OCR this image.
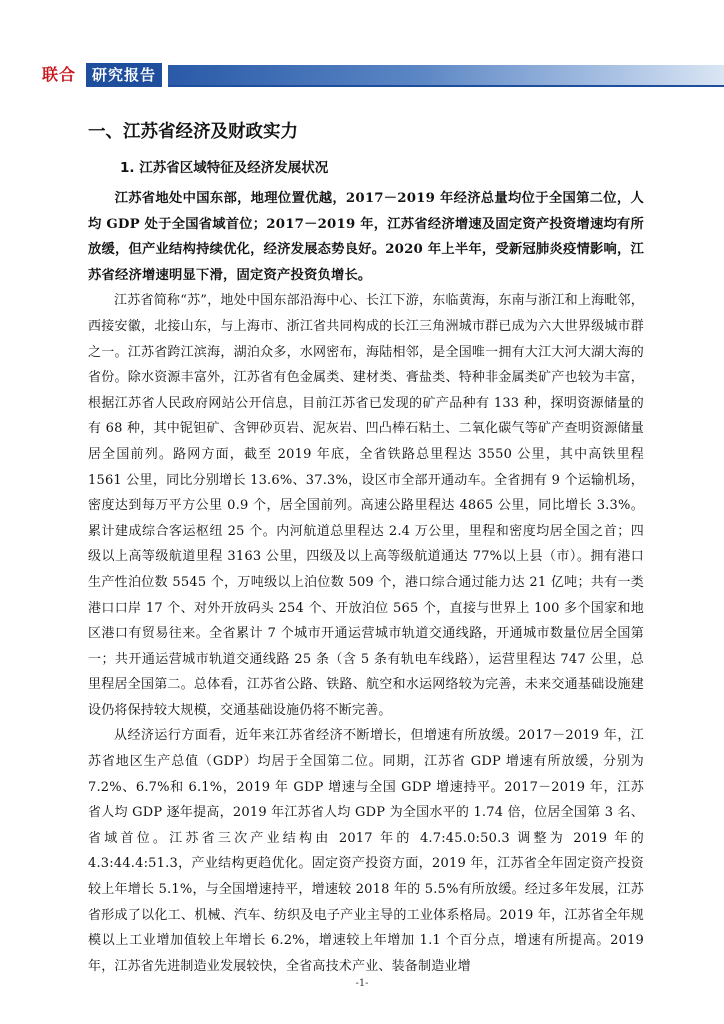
联合	研究报告
一、江苏省经济及财政实力
1. 江苏省区域特征及经济发展状况

江苏省地处中国东部，地理位置优越，2017－2019 年经济总量均位于全国第二位，人均 GDP 处于全国省域首位；2017－2019 年，江苏省经济增速及固定资产投资增速均有所放缓，但产业结构持续优化，经济发展态势良好。2020 年上半年，受新冠肺炎疫情影响，江苏省经济增速明显下滑，固定资产投资负增长。

江苏省简称“苏”，地处中国东部沿海中心、长江下游，东临黄海，东南与浙江和上海毗邻，西接安徽，北接山东，与上海市、浙江省共同构成的长江三角洲城市群已成为六大世界级城市群之一。江苏省跨江滨海，湖泊众多，水网密布，海陆相邻，是全国唯一拥有大江大河大湖大海的省份。除水资源丰富外，江苏省有色金属类、建材类、膏盐类、特种非金属类矿产也较为丰富，根据江苏省人民政府网站公开信息，目前江苏省已发现的矿产品种有 133 种，探明资源储量的有 68 种，其中铌钽矿、含钾砂页岩、泥灰岩、凹凸棒石粘土、二氧化碳气等矿产查明资源储量居全国前列。路网方面，截至 2019 年底，全省铁路总里程达 3550 公里，其中高铁里程 1561 公里，同比分别增长 13.6%、37.3%，设区市全部开通动车。全省拥有 9 个运输机场，密度达到每万平方公里 0.9 个，居全国前列。高速公路里程达 4865 公里，同比增长 3.3%。累计建成综合客运枢纽 25 个。内河航道总里程达 2.4 万公里，里程和密度均居全国之首；四级以上高等级航道里程 3163 公里，四级及以上高等级航道通达 77%以上县（市）。拥有港口生产性泊位数 5545 个，万吨级以上泊位数 509 个，港口综合通过能力达 21 亿吨；共有一类港口口岸 17 个、对外开放码头 254 个、开放泊位 565 个，直接与世界上 100 多个国家和地区港口有贸易往来。全省累计 7 个城市开通运营城市轨道交通线路，开通城市数量位居全国第一；共开通运营城市轨道交通线路 25 条（含 5 条有轨电车线路），运营里程达 747 公里，总里程居全国第二。总体看，江苏省公路、铁路、航空和水运网络较为完善，未来交通基础设施建设仍将保持较大规模，交通基础设施仍将不断完善。

从经济运行方面看，近年来江苏省经济不断增长，但增速有所放缓。2017－2019 年，江苏省地区生产总值（GDP）均居于全国第二位。同期，江苏省 GDP 增速有所放缓，分别为 7.2%、6.7%和 6.1%，2019 年 GDP 增速与全国 GDP 增速持平。2017－2019 年，江苏省人均 GDP 逐年提高，2019 年江苏省人均 GDP 为全国水平的 1.74 倍，位居全国第 3 名、省域首位。江苏省三次产业结构由 2017 年的 4.7:45.0:50.3 调整为 2019 年的 4.3:44.4:51.3，产业结构更趋优化。固定资产投资方面，2019 年，江苏省全年固定资产投资较上年增长 5.1%，与全国增速持平，增速较 2018 年的 5.5%有所放缓。经过多年发展，江苏省形成了以化工、机械、汽车、纺织及电子产业主导的工业体系格局。2019 年，江苏省全年规模以上工业增加值较上年增长 6.2%，增速较上年增加 1.1 个百分点，增速有所提高。2019 年，江苏省先进制造业发展较快，全省高技术产业、装备制造业增

-1-
